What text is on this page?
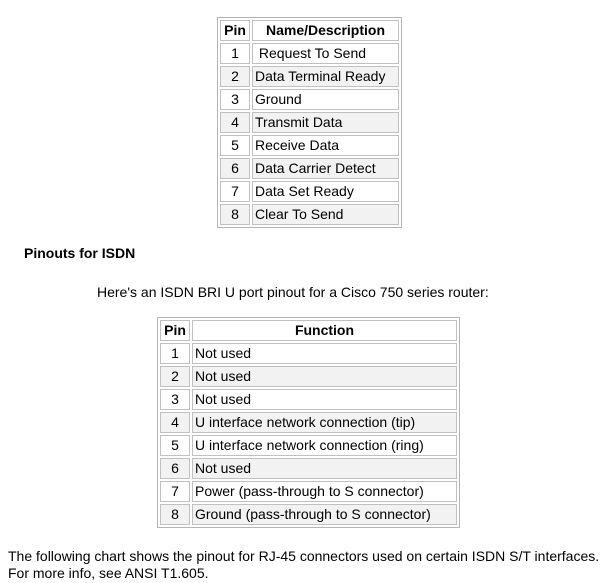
Pin	Name/Description
1	Request To Send
2	Data Terminal Ready
3	Ground
4	Transmit Data
5	Receive Data
6	Data Carrier Detect
7	Data Set Ready
8	Clear To Send
Pinouts for ISDN

Here's an ISDN BRI U port pinout for a Cisco 750 series router:

Pin	Function
1	Not used
2	Not used
3	Not used
4	U interface network connection (tip)
5	U interface network connection (ring)
6	Not used
7	Power (pass-through to S connector)
8	Ground (pass-through to S connector)

The following chart shows the pinout for RJ-45 connectors used on certain ISDN S/T interfaces. For more info, see ANSI T1.605.
